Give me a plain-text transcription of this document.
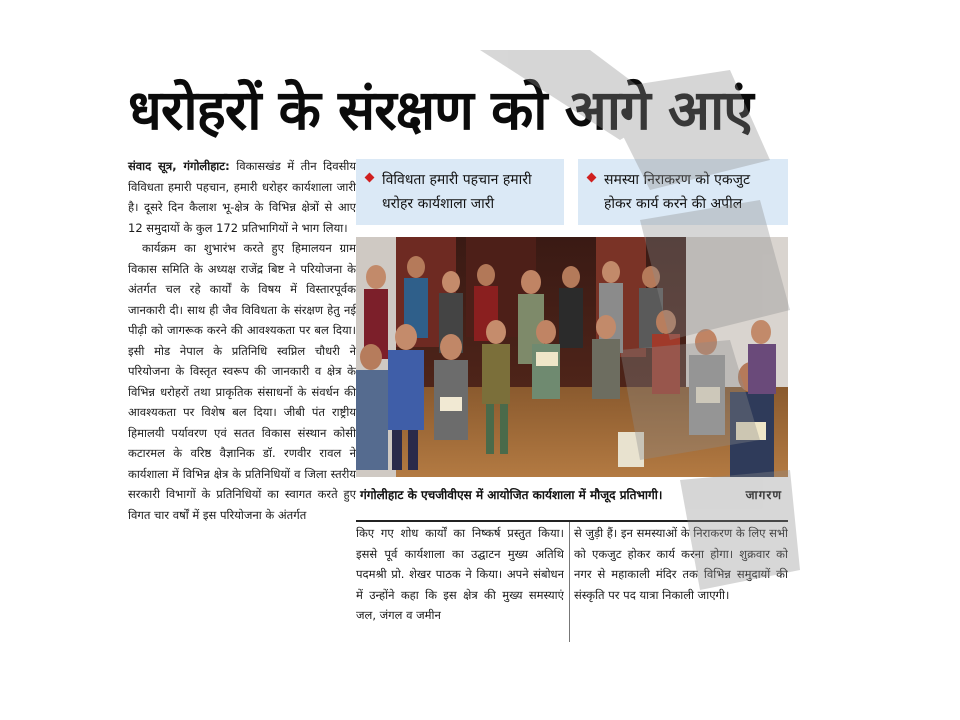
धरोहरों के संरक्षण को आगे आएं

संवाद सूत्र, गंगोलीहाट: विकासखंड में तीन दिवसीय विविधता हमारी पहचान, हमारी धरोहर कार्यशाला जारी है। दूसरे दिन कैलाश भू-क्षेत्र के विभिन्न क्षेत्रों से आए 12 समुदायों के कुल 172 प्रतिभागियों ने भाग लिया।

कार्यक्रम का शुभारंभ करते हुए हिमालयन ग्राम विकास समिति के अध्यक्ष राजेंद्र बिष्ट ने परियोजना के अंतर्गत चल रहे कार्यों के विषय में विस्तारपूर्वक जानकारी दी। साथ ही जैव विविधता के संरक्षण हेतु नई पीढ़ी को जागरूक करने की आवश्यकता पर बल दिया। इसी मोड नेपाल के प्रतिनिधि स्वप्निल चौधरी ने परियोजना के विस्तृत स्वरूप की जानकारी व क्षेत्र के विभिन्न धरोहरों तथा प्राकृतिक संसाधनों के संवर्धन की आवश्यकता पर विशेष बल दिया। जीबी पंत राष्ट्रीय हिमालयी पर्यावरण एवं सतत विकास संस्थान कोसी कटारमल के वरिष्ठ वैज्ञानिक डॉ. रणवीर रावल ने कार्यशाला में विभिन्न क्षेत्र के प्रतिनिधियों व जिला स्तरीय सरकारी विभागों के प्रतिनिधियों का स्वागत करते हुए विगत चार वर्षों में इस परियोजना के अंतर्गत

विविधता हमारी पहचान हमारी धरोहर कार्यशाला जारी
समस्या निराकरण को एकजुट होकर कार्य करने की अपील
गंगोलीहाट के एचजीवीएस में आयोजित कार्यशाला में मौजूद प्रतिभागी।	जागरण

किए गए शोध कार्यों का निष्कर्ष प्रस्तुत किया। इससे पूर्व कार्यशाला का उद्घाटन मुख्य अतिथि पदमश्री प्रो. शेखर पाठक ने किया। अपने संबोधन में उन्होंने कहा कि इस क्षेत्र की मुख्य समस्याएं जल, जंगल व जमीन

से जुड़ी हैं। इन समस्याओं के निराकरण के लिए सभी को एकजुट होकर कार्य करना होगा। शुक्रवार को नगर से महाकाली मंदिर तक विभिन्न समुदायों की संस्कृति पर पद यात्रा निकाली जाएगी।
